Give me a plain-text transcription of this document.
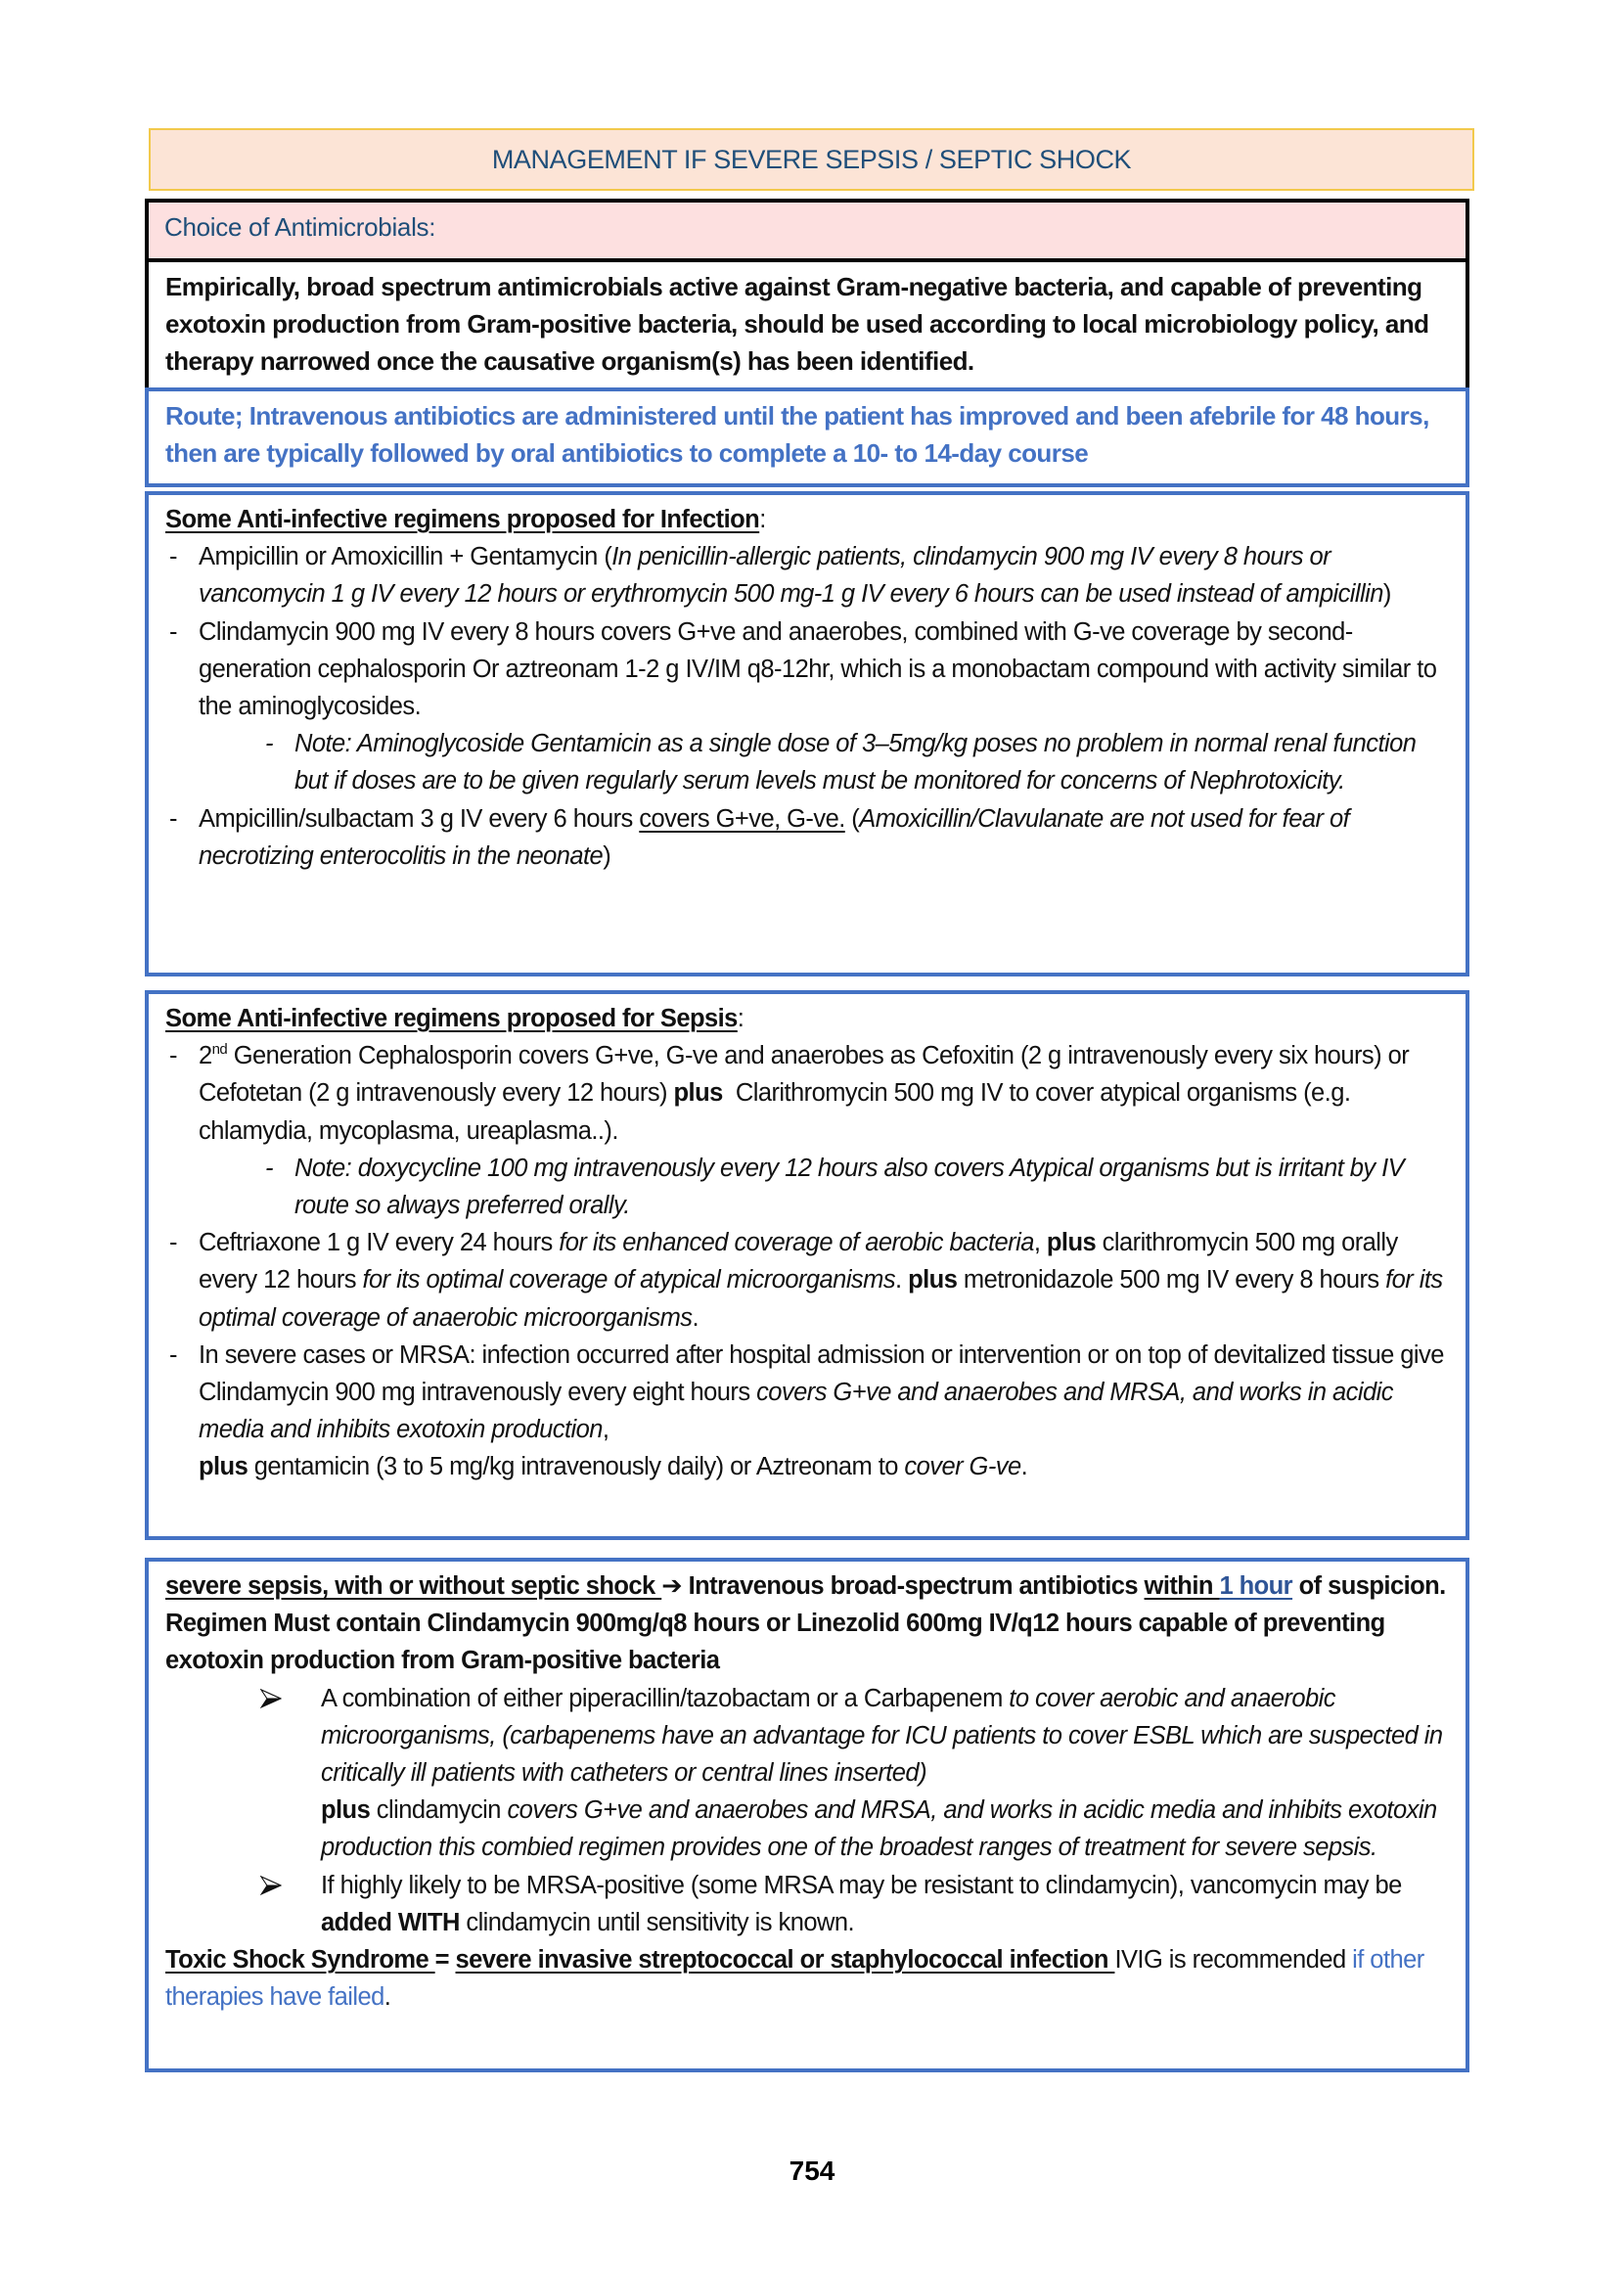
MANAGEMENT IF SEVERE SEPSIS / SEPTIC SHOCK
Choice of Antimicrobials:

Empirically, broad spectrum antimicrobials active against Gram-negative bacteria, and capable of preventing exotoxin production from Gram-positive bacteria, should be used according to local microbiology policy, and therapy narrowed once the causative organism(s) has been identified.

Route; Intravenous antibiotics are administered until the patient has improved and been afebrile for 48 hours, then are typically followed by oral antibiotics to complete a 10- to 14-day course

Some Anti-infective regimens proposed for Infection:

- Ampicillin or Amoxicillin + Gentamycin (In penicillin-allergic patients, clindamycin 900 mg IV every 8 hours or vancomycin 1 g IV every 12 hours or erythromycin 500 mg-1 g IV every 6 hours can be used instead of ampicillin)

- Clindamycin 900 mg IV every 8 hours covers G+ve and anaerobes, combined with G-ve coverage by second-generation cephalosporin Or aztreonam 1-2 g IV/IM q8-12hr, which is a monobactam compound with activity similar to the aminoglycosides.

- Note: Aminoglycoside Gentamicin as a single dose of 3–5mg/kg poses no problem in normal renal function but if doses are to be given regularly serum levels must be monitored for concerns of Nephrotoxicity.

- Ampicillin/sulbactam 3 g IV every 6 hours covers G+ve, G-ve. (Amoxicillin/Clavulanate are not used for fear of necrotizing enterocolitis in the neonate)

Some Anti-infective regimens proposed for Sepsis:

- 2nd Generation Cephalosporin covers G+ve, G-ve and anaerobes as Cefoxitin (2 g intravenously every six hours) or Cefotetan (2 g intravenously every 12 hours) plus  Clarithromycin 500 mg IV to cover atypical organisms (e.g. chlamydia, mycoplasma, ureaplasma..).

- Note: doxycycline 100 mg intravenously every 12 hours also covers Atypical organisms but is irritant by IV route so always preferred orally.

- Ceftriaxone 1 g IV every 24 hours for its enhanced coverage of aerobic bacteria, plus clarithromycin 500 mg orally every 12 hours for its optimal coverage of atypical microorganisms. plus metronidazole 500 mg IV every 8 hours for its optimal coverage of anaerobic microorganisms.

- In severe cases or MRSA: infection occurred after hospital admission or intervention or on top of devitalized tissue give Clindamycin 900 mg intravenously every eight hours covers G+ve and anaerobes and MRSA, and works in acidic media and inhibits exotoxin production,
plus gentamicin (3 to 5 mg/kg intravenously daily) or Aztreonam to cover G-ve.

severe sepsis, with or without septic shock ➔ Intravenous broad-spectrum antibiotics within 1 hour of suspicion. Regimen Must contain Clindamycin 900mg/q8 hours or Linezolid 600mg IV/q12 hours capable of preventing exotoxin production from Gram-positive bacteria

A combination of either piperacillin/tazobactam or a Carbapenem to cover aerobic and anaerobic microorganisms, (carbapenems have an advantage for ICU patients to cover ESBL which are suspected in critically ill patients with catheters or central lines inserted)
plus clindamycin covers G+ve and anaerobes and MRSA, and works in acidic media and inhibits exotoxin production this combied regimen provides one of the broadest ranges of treatment for severe sepsis.

If highly likely to be MRSA-positive (some MRSA may be resistant to clindamycin), vancomycin may be added WITH clindamycin until sensitivity is known.

Toxic Shock Syndrome = severe invasive streptococcal or staphylococcal infection IVIG is recommended if other therapies have failed.

754
